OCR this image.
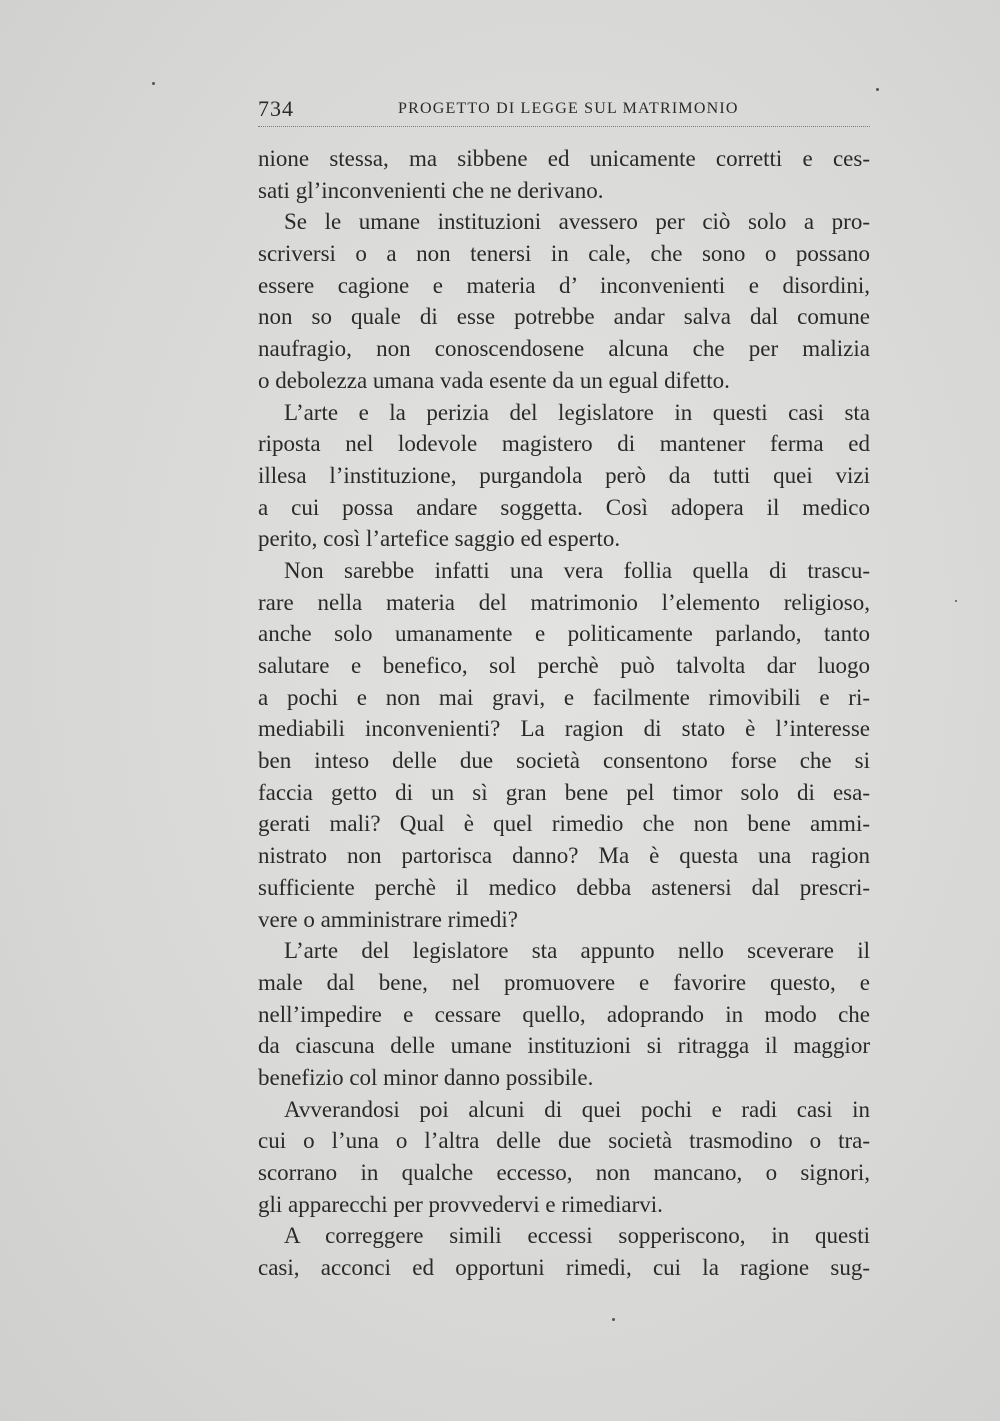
734	PROGETTO DI LEGGE SUL MATRIMONIO
nione stessa, ma sibbene ed unicamente corretti e ces-
sati gl’inconvenienti che ne derivano.
Se le umane instituzioni avessero per ciò solo a pro-
scriversi o a non tenersi in cale, che sono o possano
essere cagione e materia d’ inconvenienti e disordini,
non so quale di esse potrebbe andar salva dal comune
naufragio, non conoscendosene alcuna che per malizia
o debolezza umana vada esente da un egual difetto.
L’arte e la perizia del legislatore in questi casi sta
riposta nel lodevole magistero di mantener ferma ed
illesa l’instituzione, purgandola però da tutti quei vizi
a cui possa andare soggetta. Così adopera il medico
perito, così l’artefice saggio ed esperto.
Non sarebbe infatti una vera follia quella di trascu-
rare nella materia del matrimonio l’elemento religioso,
anche solo umanamente e politicamente parlando, tanto
salutare e benefico, sol perchè può talvolta dar luogo
a pochi e non mai gravi, e facilmente rimovibili e ri-
mediabili inconvenienti? La ragion di stato è l’interesse
ben inteso delle due società consentono forse che si
faccia getto di un sì gran bene pel timor solo di esa-
gerati mali? Qual è quel rimedio che non bene ammi-
nistrato non partorisca danno? Ma è questa una ragion
sufficiente perchè il medico debba astenersi dal prescri-
vere o amministrare rimedi?
L’arte del legislatore sta appunto nello sceverare il
male dal bene, nel promuovere e favorire questo, e
nell’impedire e cessare quello, adoprando in modo che
da ciascuna delle umane instituzioni si ritragga il maggior
benefizio col minor danno possibile.
Avverandosi poi alcuni di quei pochi e radi casi in
cui o l’una o l’altra delle due società trasmodino o tra-
scorrano in qualche eccesso, non mancano, o signori,
gli apparecchi per provvedervi e rimediarvi.
A correggere simili eccessi sopperiscono, in questi
casi, acconci ed opportuni rimedi, cui la ragione sug-
